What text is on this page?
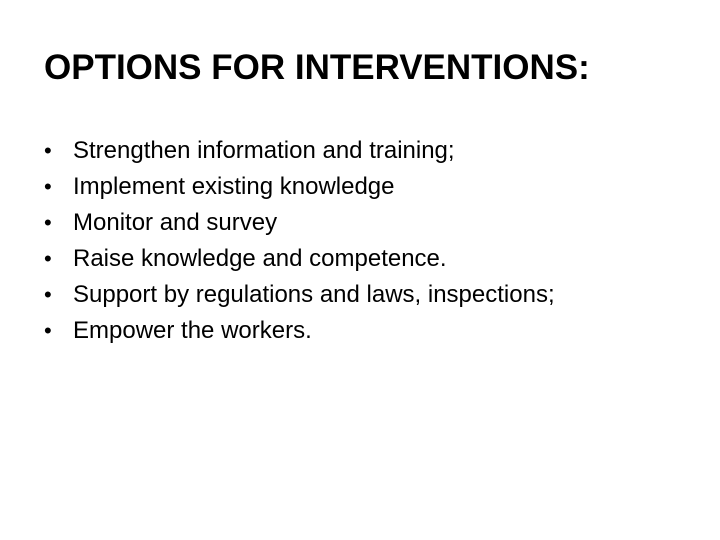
OPTIONS FOR INTERVENTIONS:
• Strengthen information and training;
• Implement existing knowledge
• Monitor and survey
• Raise knowledge and competence.
• Support by regulations and laws, inspections;
• Empower the workers.
